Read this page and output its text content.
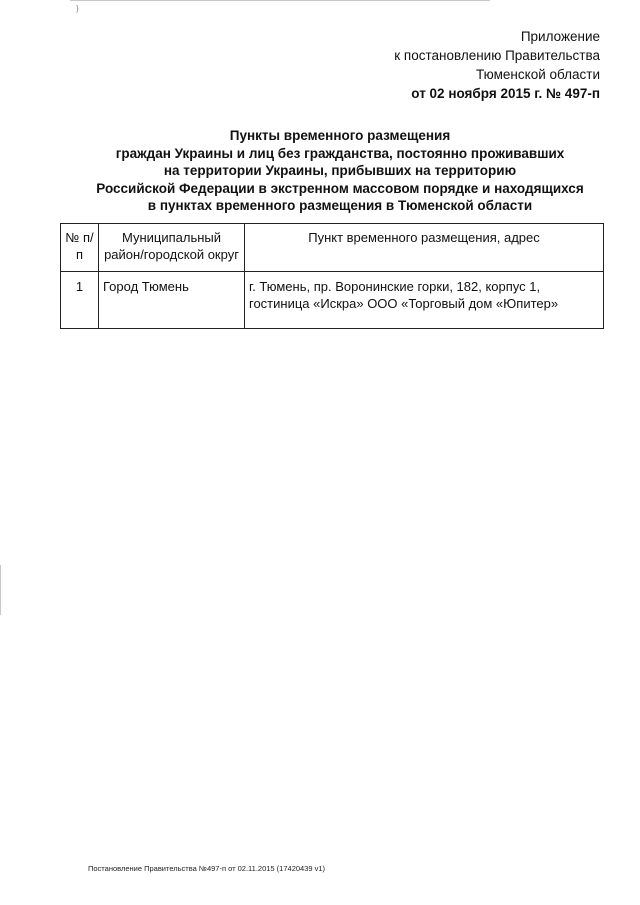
}
Приложение
к постановлению Правительства
Тюменской области
от 02 ноября 2015 г. № 497-п
Пункты временного размещения
граждан Украины и лиц без гражданства, постоянно проживавших
на территории Украины, прибывших на территорию
Российской Федерации в экстренном массовом порядке и находящихся
в пунктах временного размещения в Тюменской области
№ п/п	Муниципальный район/городской округ	Пункт временного размещения, адрес
1	Город Тюмень	г. Тюмень, пр. Воронинские горки, 182, корпус 1, гостиница «Искра» ООО «Торговый дом «Юпитер»
Постановление Правительства №497-п от 02.11.2015 (17420439 v1)
